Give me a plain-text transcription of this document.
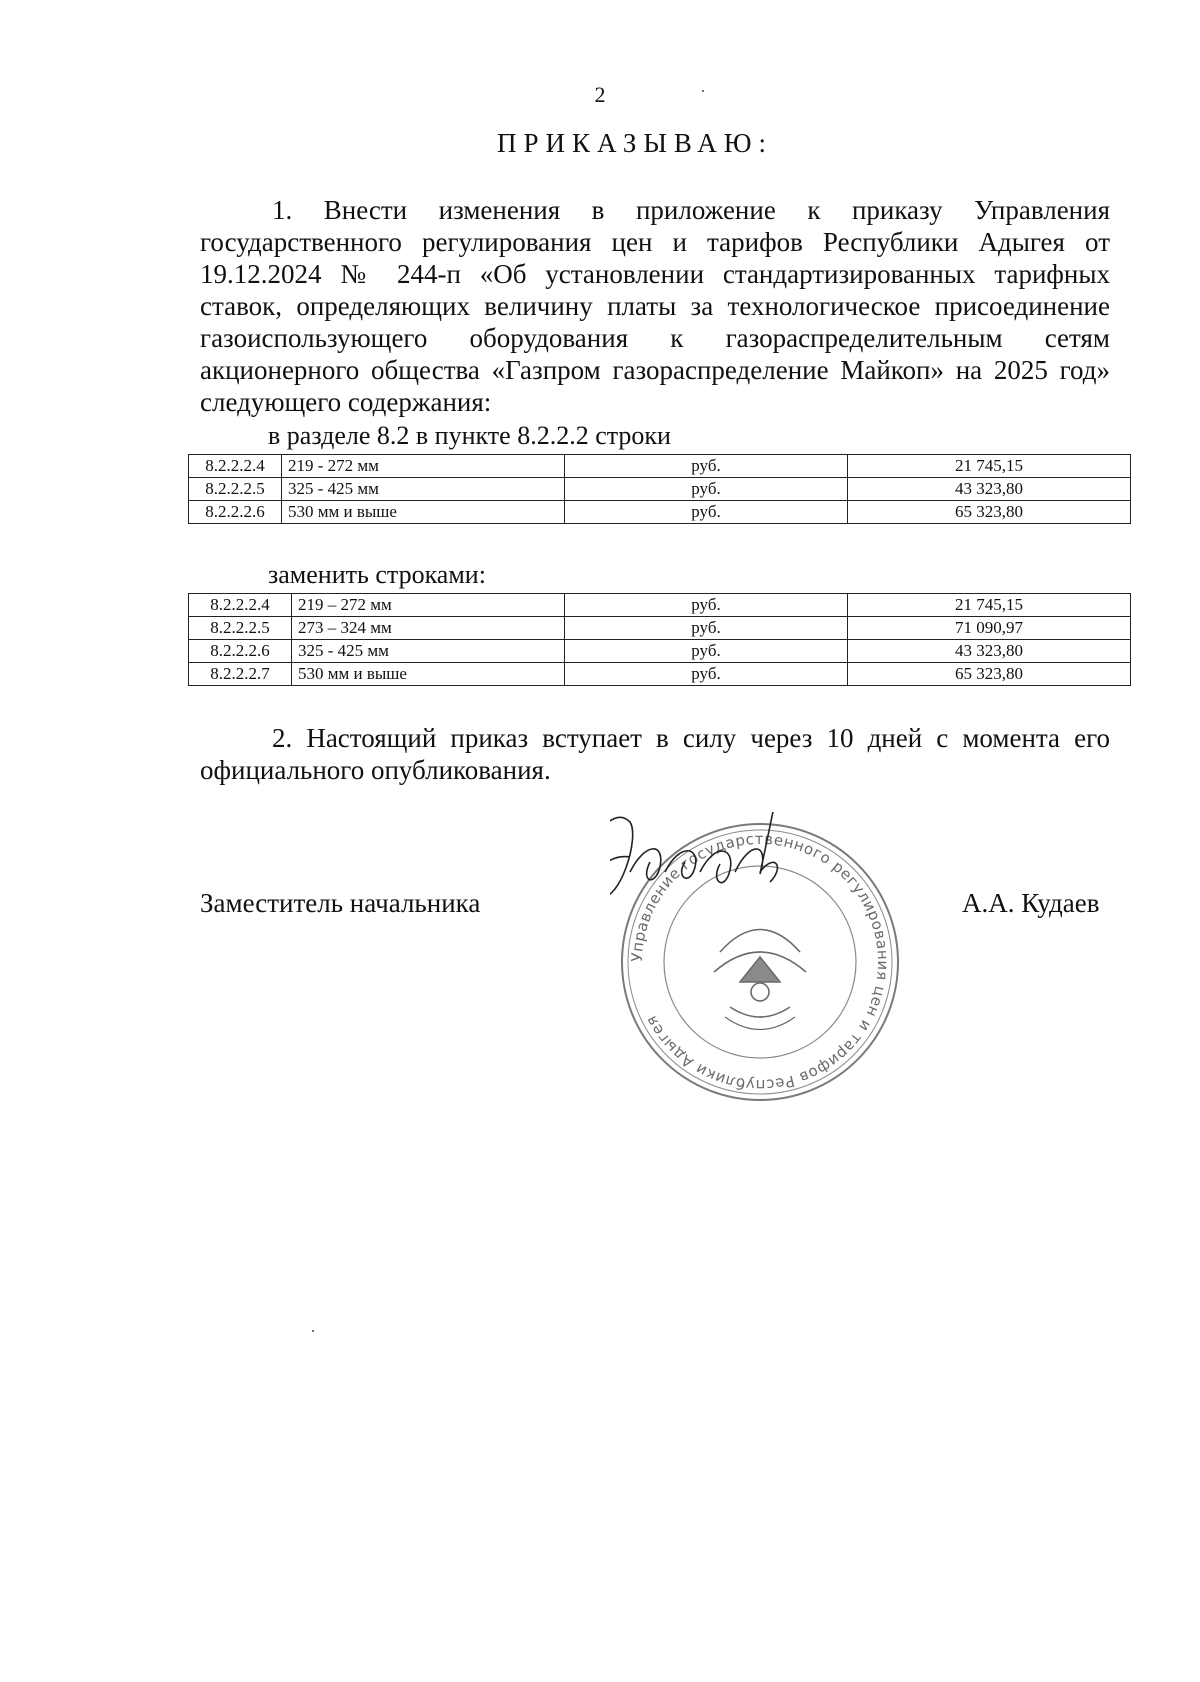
2
ПРИКАЗЫВАЮ:
1. Внести изменения в приложение к приказу Управления государственного регулирования цен и тарифов Республики Адыгея от 19.12.2024 № 244-п «Об установлении стандартизированных тарифных ставок, определяющих величину платы за технологическое присоединение газоиспользующего оборудования к газораспределительным сетям акционерного общества «Газпром газораспределение Майкоп» на 2025 год» следующего содержания:
в разделе 8.2 в пункте 8.2.2.2 строки
8.2.2.2.4	219 - 272 мм	руб.	21 745,15
8.2.2.2.5	325 - 425 мм	руб.	43 323,80
8.2.2.2.6	530 мм и выше	руб.	65 323,80
заменить строками:
8.2.2.2.4	219 – 272 мм	руб.	21 745,15
8.2.2.2.5	273 – 324 мм	руб.	71 090,97
8.2.2.2.6	325 - 425 мм	руб.	43 323,80
8.2.2.2.7	530 мм и выше	руб.	65 323,80
2. Настоящий приказ вступает в силу через 10 дней с момента его официального опубликования.
Заместитель начальника	А.А. Кудаев
Управление государственного регулирования цен и тарифов Республики Адыгея
